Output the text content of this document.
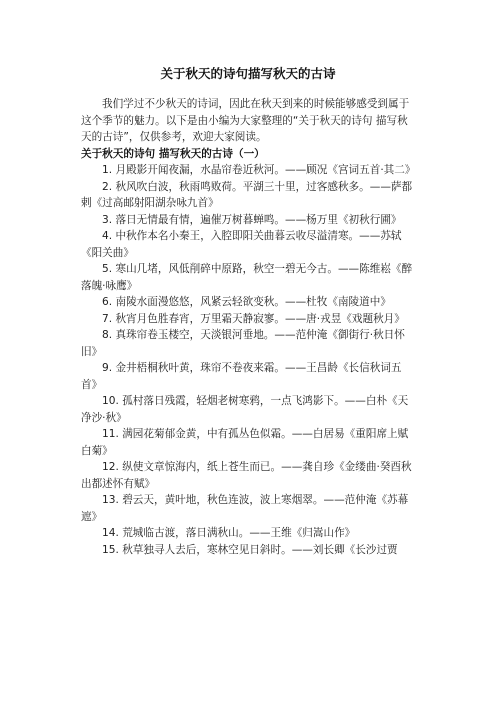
关于秋天的诗句描写秋天的古诗

我们学过不少秋天的诗词，因此在秋天到来的时候能够感受到属于这个季节的魅力。以下是由小编为大家整理的“关于秋天的诗句 描写秋天的古诗”，仅供参考，欢迎大家阅读。

关于秋天的诗句 描写秋天的古诗（一）

1. 月殿影开闻夜漏，水晶帘卷近秋河。——顾况《宫词五首·其二》
2. 秋风吹白波，秋雨鸣败荷。平湖三十里，过客感秋多。——萨都剌《过高邮射阳湖杂咏九首》
3. 落日无情最有情，遍催万树暮蝉鸣。——杨万里《初秋行圃》
4. 中秋作本名小秦王，入腔即阳关曲暮云收尽溢清寒。——苏轼《阳关曲》
5. 寒山几堵，风低削碎中原路，秋空一碧无今古。——陈维崧《醉落魄·咏鹰》
6. 南陵水面漫悠悠，风紧云轻欲变秋。——杜牧《南陵道中》
7. 秋宵月色胜春宵，万里霜天静寂寥。——唐·戎昱《戏题秋月》
8. 真珠帘卷玉楼空，天淡银河垂地。——范仲淹《御街行·秋日怀旧》
9. 金井梧桐秋叶黄，珠帘不卷夜来霜。——王昌龄《长信秋词五首》
10. 孤村落日残霞，轻烟老树寒鸦，一点飞鸿影下。——白朴《天净沙·秋》
11. 满园花菊郁金黄，中有孤丛色似霜。——白居易《重阳席上赋白菊》
12. 纵使文章惊海内，纸上苍生而已。——龚自珍《金缕曲·癸酉秋出都述怀有赋》
13. 碧云天，黄叶地，秋色连波，波上寒烟翠。——范仲淹《苏幕遮》
14. 荒城临古渡，落日满秋山。——王维《归嵩山作》
15. 秋草独寻人去后，寒林空见日斜时。——刘长卿《长沙过贾
